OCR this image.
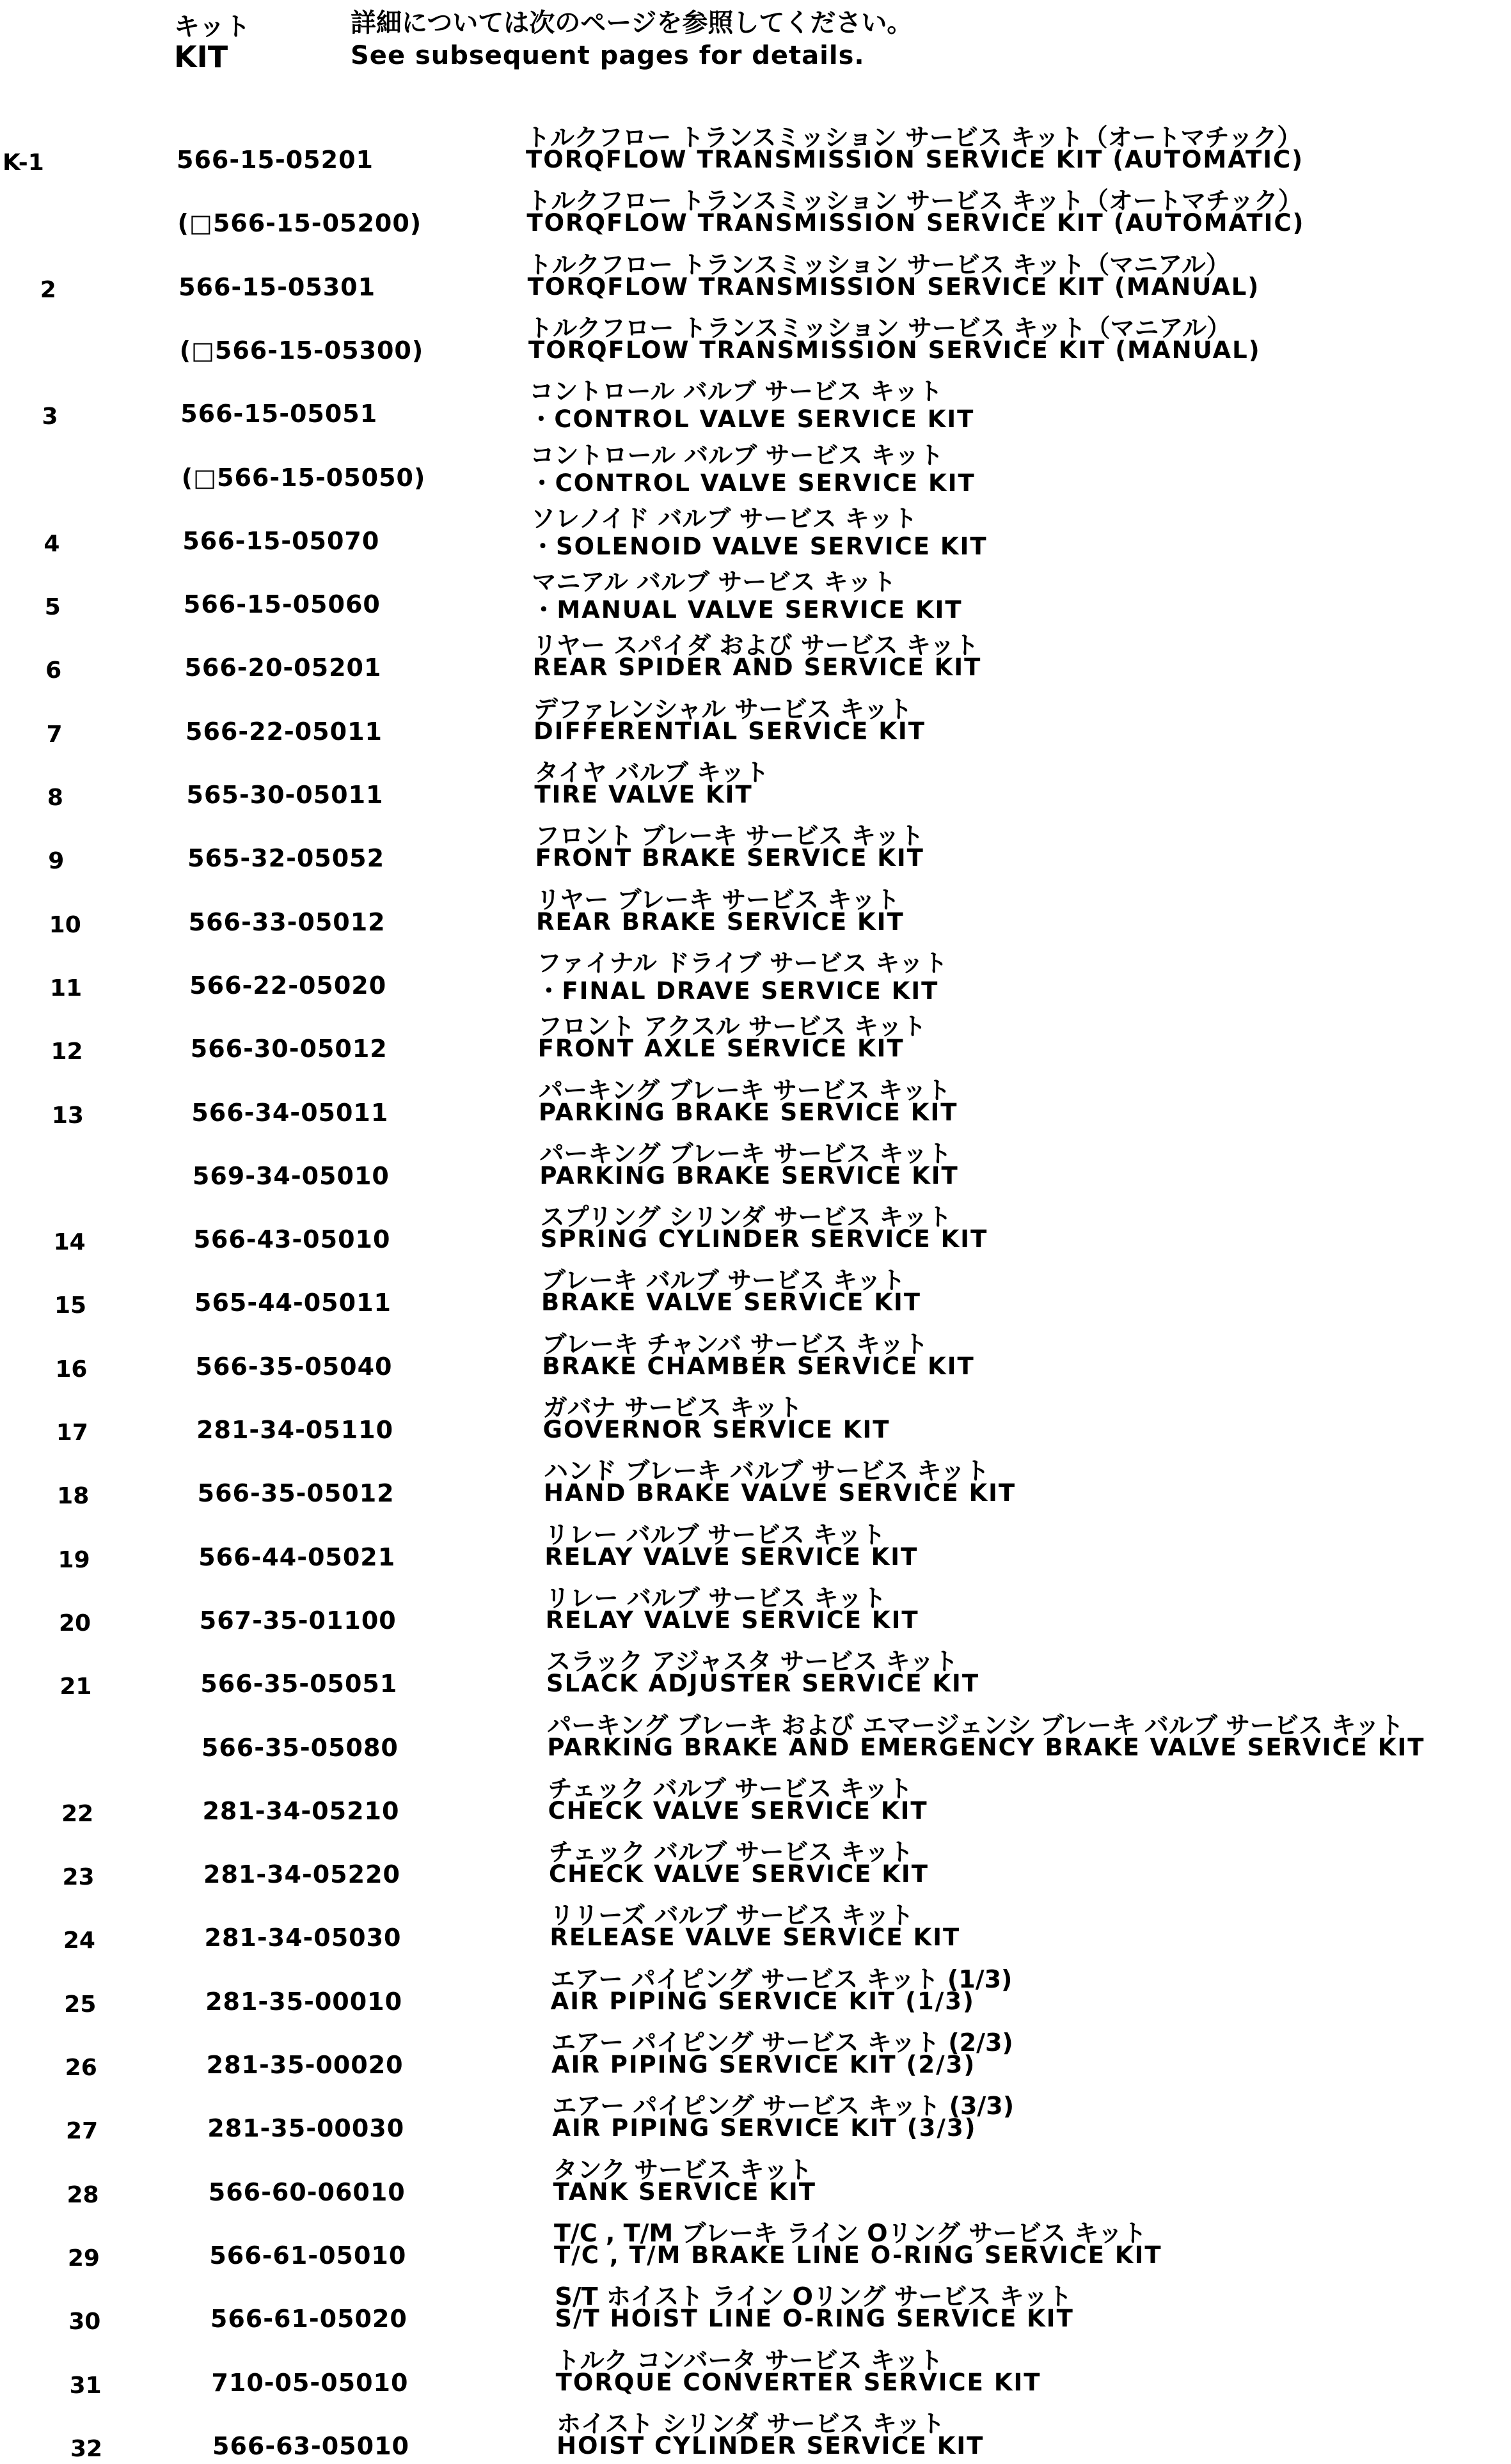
キット
KIT
詳細については次のページを参照してください。
See subsequent pages for details.
K-1	566-15-05201
トルクフロー トランスミッション サービス キット（オートマチック）
TORQFLOW TRANSMISSION SERVICE KIT (AUTOMATIC)
(□566-15-05200)
トルクフロー トランスミッション サービス キット（オートマチック）
TORQFLOW TRANSMISSION SERVICE KIT (AUTOMATIC)
2	566-15-05301
トルクフロー トランスミッション サービス キット（マニアル）
TORQFLOW TRANSMISSION SERVICE KIT (MANUAL)
(□566-15-05300)
トルクフロー トランスミッション サービス キット（マニアル）
TORQFLOW TRANSMISSION SERVICE KIT (MANUAL)
3	566-15-05051
コントロール バルブ サービス キット
・CONTROL VALVE SERVICE KIT
(□566-15-05050)
コントロール バルブ サービス キット
・CONTROL VALVE SERVICE KIT
4	566-15-05070
ソレノイド バルブ サービス キット
・SOLENOID VALVE SERVICE KIT
5	566-15-05060
マニアル バルブ サービス キット
・MANUAL VALVE SERVICE KIT
6	566-20-05201
リヤー スパイダ および サービス キット
REAR SPIDER AND SERVICE KIT
7	566-22-05011
デファレンシャル サービス キット
DIFFERENTIAL SERVICE KIT
8	565-30-05011
タイヤ バルブ キット
TIRE VALVE KIT
9	565-32-05052
フロント ブレーキ サービス キット
FRONT BRAKE SERVICE KIT
10	566-33-05012
リヤー ブレーキ サービス キット
REAR BRAKE SERVICE KIT
11	566-22-05020
ファイナル ドライブ サービス キット
・FINAL DRAVE SERVICE KIT
12	566-30-05012
フロント アクスル サービス キット
FRONT AXLE SERVICE KIT
13	566-34-05011
パーキング ブレーキ サービス キット
PARKING BRAKE SERVICE KIT
569-34-05010
パーキング ブレーキ サービス キット
PARKING BRAKE SERVICE KIT
14	566-43-05010
スプリング シリンダ サービス キット
SPRING CYLINDER SERVICE KIT
15	565-44-05011
ブレーキ バルブ サービス キット
BRAKE VALVE SERVICE KIT
16	566-35-05040
ブレーキ チャンバ サービス キット
BRAKE CHAMBER SERVICE KIT
17	281-34-05110
ガバナ サービス キット
GOVERNOR SERVICE KIT
18	566-35-05012
ハンド ブレーキ バルブ サービス キット
HAND BRAKE VALVE SERVICE KIT
19	566-44-05021
リレー バルブ サービス キット
RELAY VALVE SERVICE KIT
20	567-35-01100
リレー バルブ サービス キット
RELAY VALVE SERVICE KIT
21	566-35-05051
スラック アジャスタ サービス キット
SLACK ADJUSTER SERVICE KIT
566-35-05080
パーキング ブレーキ および エマージェンシ ブレーキ バルブ サービス キット
PARKING BRAKE AND EMERGENCY BRAKE VALVE SERVICE KIT
22	281-34-05210
チェック バルブ サービス キット
CHECK VALVE SERVICE KIT
23	281-34-05220
チェック バルブ サービス キット
CHECK VALVE SERVICE KIT
24	281-34-05030
リリーズ バルブ サービス キット
RELEASE VALVE SERVICE KIT
25	281-35-00010
エアー パイピング サービス キット (1/3)
AIR PIPING SERVICE KIT (1/3)
26	281-35-00020
エアー パイピング サービス キット (2/3)
AIR PIPING SERVICE KIT (2/3)
27	281-35-00030
エアー パイピング サービス キット (3/3)
AIR PIPING SERVICE KIT (3/3)
28	566-60-06010
タンク サービス キット
TANK SERVICE KIT
29	566-61-05010
T/C , T/M ブレーキ ライン Oリング サービス キット
T/C , T/M BRAKE LINE O-RING SERVICE KIT
30	566-61-05020
S/T ホイスト ライン Oリング サービス キット
S/T HOIST LINE O-RING SERVICE KIT
31	710-05-05010
トルク コンバータ サービス キット
TORQUE CONVERTER SERVICE KIT
32	566-63-05010
ホイスト シリンダ サービス キット
HOIST CYLINDER SERVICE KIT
